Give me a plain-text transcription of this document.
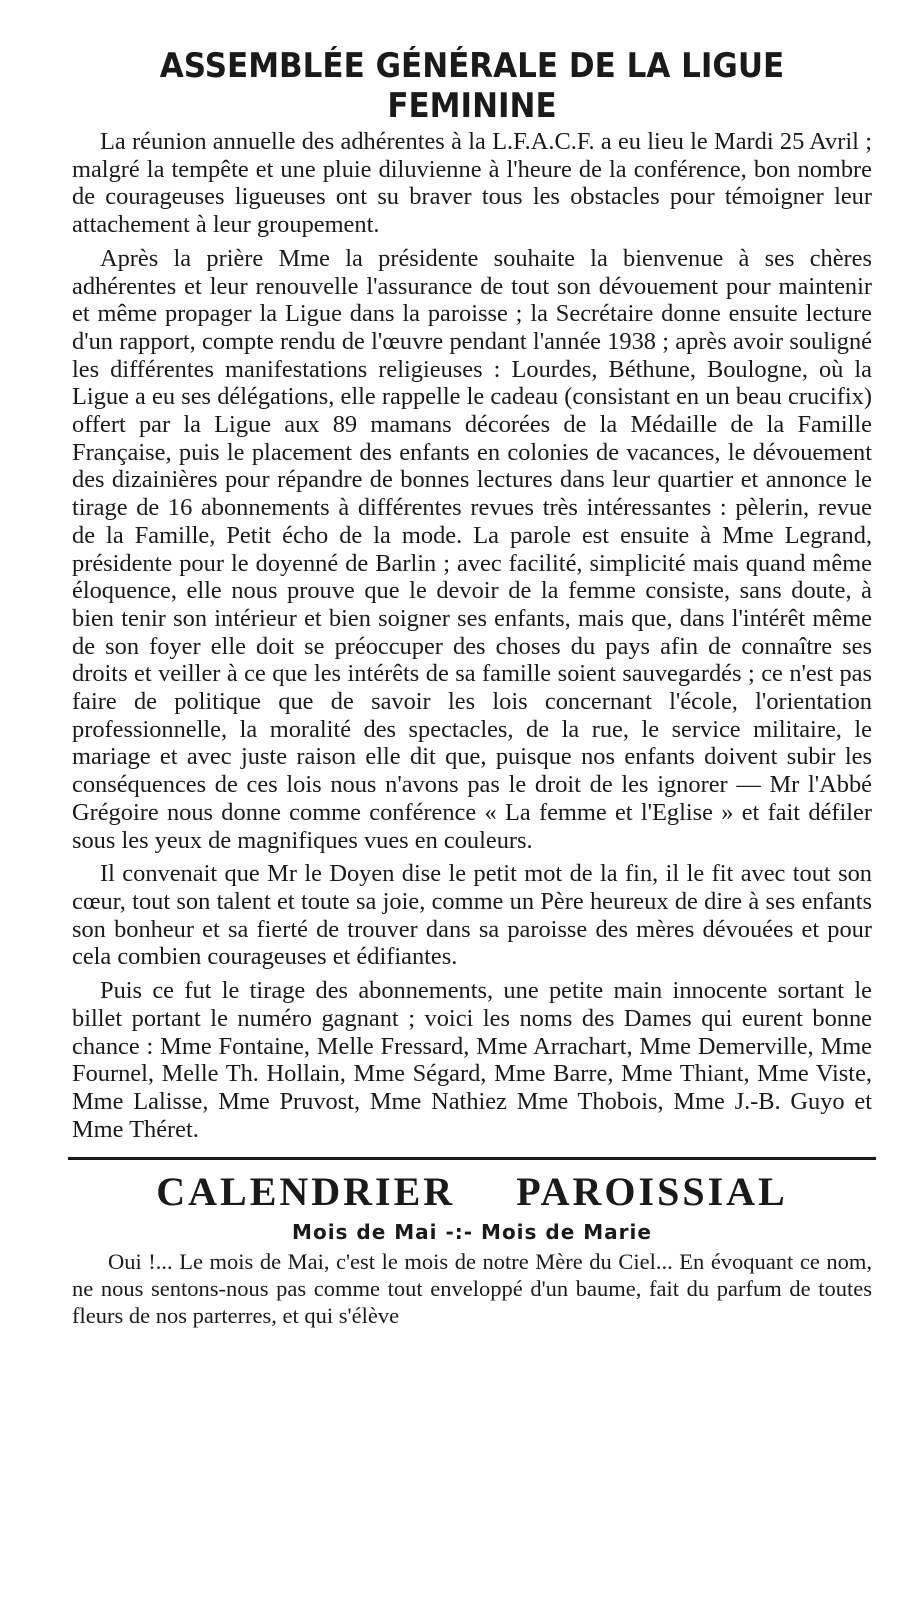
ASSEMBLÉE GÉNÉRALE DE LA LIGUE FEMININE

La réunion annuelle des adhérentes à la L.F.A.C.F. a eu lieu le Mardi 25 Avril ; malgré la tempête et une pluie diluvienne à l'heure de la conférence, bon nombre de courageuses ligueuses ont su braver tous les obstacles pour témoigner leur attachement à leur groupement.

Après la prière Mme la présidente souhaite la bienvenue à ses chères adhérentes et leur renouvelle l'assurance de tout son dévouement pour maintenir et même propager la Ligue dans la paroisse ; la Secrétaire donne ensuite lecture d'un rapport, compte rendu de l'œuvre pendant l'année 1938 ; après avoir souligné les différentes manifestations religieuses : Lourdes, Béthune, Boulogne, où la Ligue a eu ses délégations, elle rappelle le cadeau (consistant en un beau crucifix) offert par la Ligue aux 89 mamans décorées de la Médaille de la Famille Française, puis le placement des enfants en colonies de vacances, le dévouement des dizainières pour répandre de bonnes lectures dans leur quartier et annonce le tirage de 16 abonnements à différentes revues très intéressantes : pèlerin, revue de la Famille, Petit écho de la mode. La parole est ensuite à Mme Legrand, présidente pour le doyenné de Barlin ; avec facilité, simplicité mais quand même éloquence, elle nous prouve que le devoir de la femme consiste, sans doute, à bien tenir son intérieur et bien soigner ses enfants, mais que, dans l'intérêt même de son foyer elle doit se préoccuper des choses du pays afin de connaître ses droits et veiller à ce que les intérêts de sa famille soient sauvegardés ; ce n'est pas faire de politique que de savoir les lois concernant l'école, l'orientation professionnelle, la moralité des spectacles, de la rue, le service militaire, le mariage et avec juste raison elle dit que, puisque nos enfants doivent subir les conséquences de ces lois nous n'avons pas le droit de les ignorer — Mr l'Abbé Grégoire nous donne comme conférence « La femme et l'Eglise » et fait défiler sous les yeux de magnifiques vues en couleurs.

Il convenait que Mr le Doyen dise le petit mot de la fin, il le fit avec tout son cœur, tout son talent et toute sa joie, comme un Père heureux de dire à ses enfants son bonheur et sa fierté de trouver dans sa paroisse des mères dévouées et pour cela combien courageuses et édifiantes.

Puis ce fut le tirage des abonnements, une petite main innocente sortant le billet portant le numéro gagnant ; voici les noms des Dames qui eurent bonne chance : Mme Fontaine, Melle Fressard, Mme Arrachart, Mme Demerville, Mme Fournel, Melle Th. Hollain, Mme Ségard, Mme Barre, Mme Thiant, Mme Viste, Mme Lalisse, Mme Pruvost, Mme Nathiez Mme Thobois, Mme J.-B. Guyo et Mme Théret.

CALENDRIER PAROISSIAL
Mois de Mai -:- Mois de Marie

Oui !... Le mois de Mai, c'est le mois de notre Mère du Ciel... En évoquant ce nom, ne nous sentons-nous pas comme tout enveloppé d'un baume, fait du parfum de toutes fleurs de nos parterres, et qui s'élève
